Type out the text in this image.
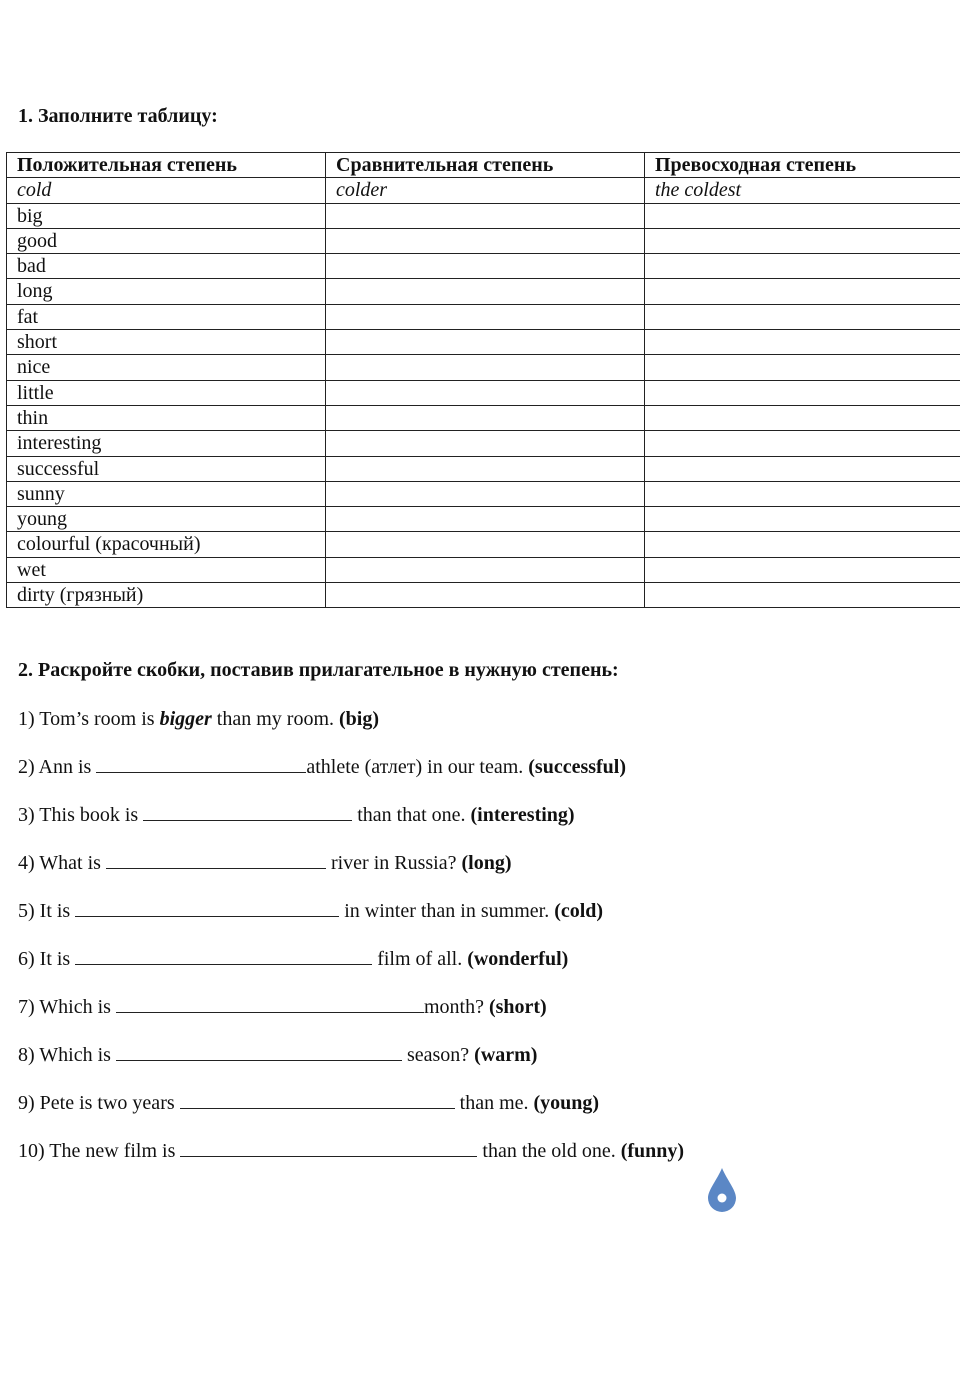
1. Заполните таблицу:
Положительная степень	Сравнительная степень	Превосходная степень
cold	colder	the coldest
big		
good		
bad		
long		
fat		
short		
nice		
little		
thin		
interesting		
successful		
sunny		
young		
colourful (красочный)		
wet		
dirty (грязный)		
2. Раскройте скобки, поставив прилагательное в нужную степень:
1) Tom’s room is bigger than my room. (big)
2) Ann is	athlete (атлет) in our team. (successful)
3) This book is	than that one. (interesting)
4) What is	river in Russia? (long)
5) It is	in winter than in summer. (cold)
6) It is	film of all. (wonderful)
7) Which is	month? (short)
8) Which is	season? (warm)
9) Pete is two years	than me. (young)
10) The new film is	than the old one. (funny)
